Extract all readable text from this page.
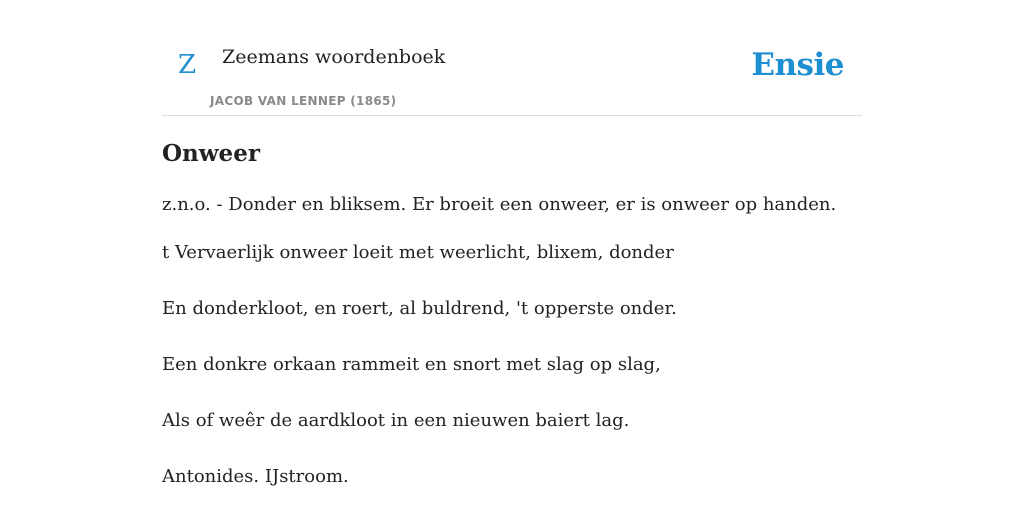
Z Zeemans woordenboek
JACOB VAN LENNEP (1865)
Ensie
Onweer

z.n.o. - Donder en bliksem. Er broeit een onweer, er is onweer op handen.

t Vervaerlijk onweer loeit met weerlicht, blixem, donder
En donderkloot, en roert, al buldrend, 't opperste onder.
Een donkre orkaan rammeit en snort met slag op slag,
Als of weêr de aardkloot in een nieuwen baiert lag.
Antonides. IJstroom.
